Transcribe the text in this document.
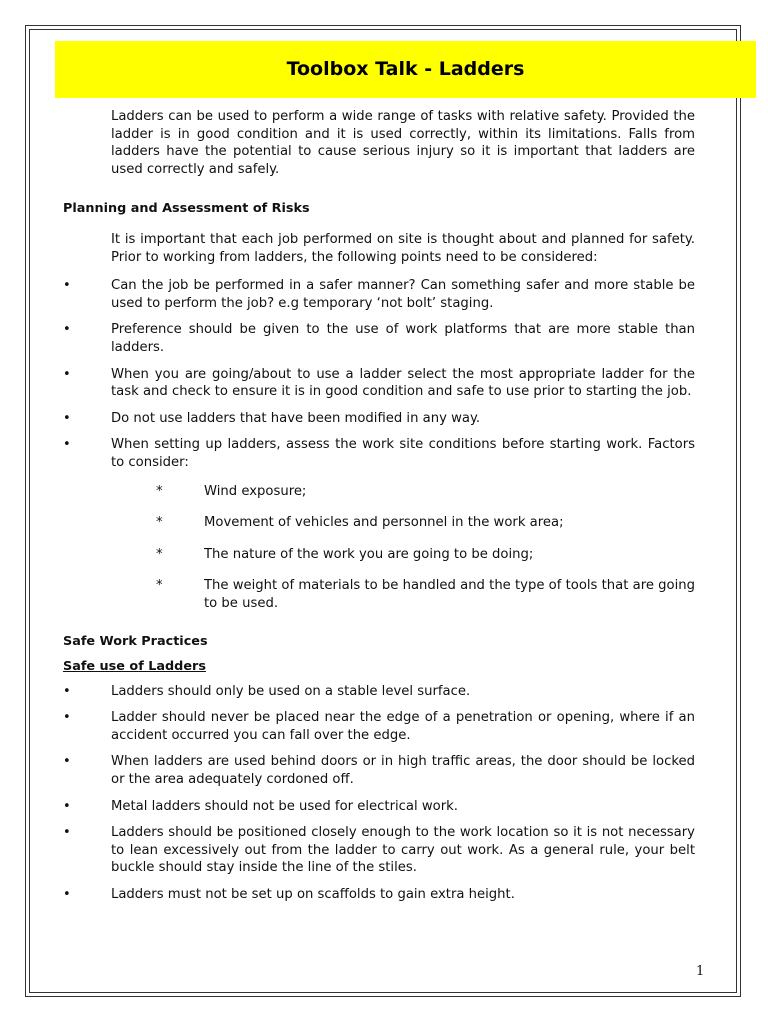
Toolbox Talk - Ladders

Ladders can be used to perform a wide range of tasks with relative safety. Provided the ladder is in good condition and it is used correctly, within its limitations. Falls from ladders have the potential to cause serious injury so it is important that ladders are used correctly and safely.

Planning and Assessment of Risks

It is important that each job performed on site is thought about and planned for safety. Prior to working from ladders, the following points need to be considered:

•	Can the job be performed in a safer manner? Can something safer and more stable be used to perform the job? e.g temporary ‘not bolt’ staging.
•	Preference should be given to the use of work platforms that are more stable than ladders.
•	When you are going/about to use a ladder select the most appropriate ladder for the task and check to ensure it is in good condition and safe to use prior to starting the job.
•	Do not use ladders that have been modified in any way.
•	When setting up ladders, assess the work site conditions before starting work. Factors to consider:
*	Wind exposure;
*	Movement of vehicles and personnel in the work area;
*	The nature of the work you are going to be doing;
*	The weight of materials to be handled and the type of tools that are going to be used.

Safe Work Practices

Safe use of Ladders

•	Ladders should only be used on a stable level surface.
•	Ladder should never be placed near the edge of a penetration or opening, where if an accident occurred you can fall over the edge.
•	When ladders are used behind doors or in high traffic areas, the door should be locked or the area adequately cordoned off.
•	Metal ladders should not be used for electrical work.
•	Ladders should be positioned closely enough to the work location so it is not necessary to lean excessively out from the ladder to carry out work. As a general rule, your belt buckle should stay inside the line of the stiles.
•	Ladders must not be set up on scaffolds to gain extra height.
1
